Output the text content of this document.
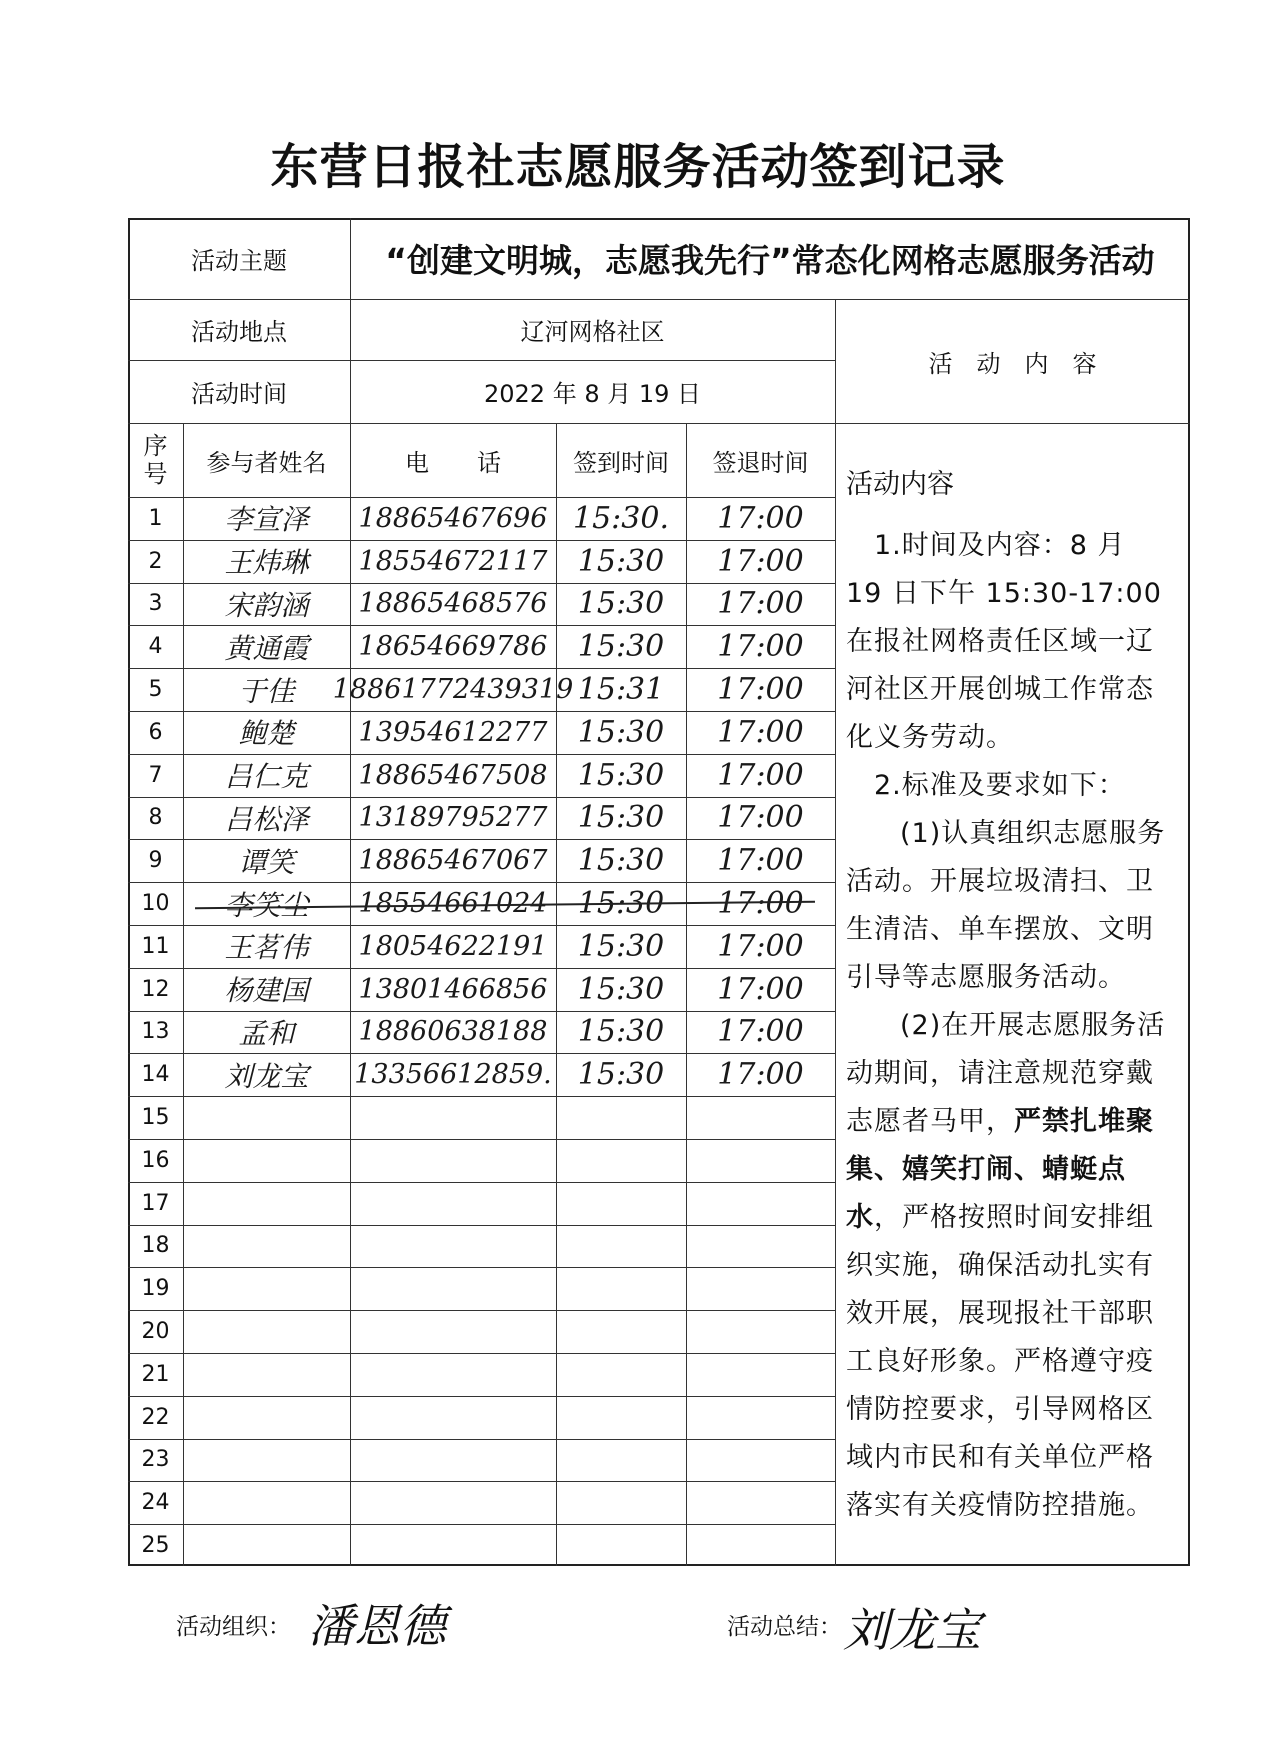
东营日报社志愿服务活动签到记录
活动主题	“创建文明城，志愿我先行”常态化网格志愿服务活动
活动地点	辽河网格社区
活动时间	2022 年 8 月 19 日
活　动　内　容
序号	参与者姓名	电　　话	签到时间	签退时间
1	李宣泽	18865467696 15:30.	17:00
2	王炜琳	18554672117	15:30	17:00
3	宋韵涵	18865468576	15:30	17:00
4	黄通霞	18654669786	15:30	17:00
5	于佳	18861772439319 15:31	17:00
6	鲍楚	13954612277	15:30	17:00
7	吕仁克	18865467508	15:30	17:00
8	吕松泽	13189795277	15:30	17:00
9	谭笑	18865467067	15:30	17:00
10	李笑尘	18554661024	15:30	17:00
11	王茗伟	18054622191	15:30	17:00
12	杨建国	13801466856	15:30	17:00
13	孟和	18860638188	15:30	17:00
14	刘龙宝	13356612859. 15:30	17:00
15
16
17
18
19
20
21
22
23
24
25
活动内容
1.时间及内容：8 月 19 日下午 15:30-17:00 在报社网格责任区域一辽河社区开展创城工作常态化义务劳动。
2.标准及要求如下：
(1)认真组织志愿服务活动。开展垃圾清扫、卫生清洁、单车摆放、文明引导等志愿服务活动。
(2)在开展志愿服务活动期间，请注意规范穿戴志愿者马甲，严禁扎堆聚集、嬉笑打闹、蜻蜓点水，严格按照时间安排组织实施，确保活动扎实有效开展，展现报社干部职工良好形象。严格遵守疫情防控要求，引导网格区域内市民和有关单位严格落实有关疫情防控措施。
活动组织： 潘恩德	活动总结： 刘龙宝
